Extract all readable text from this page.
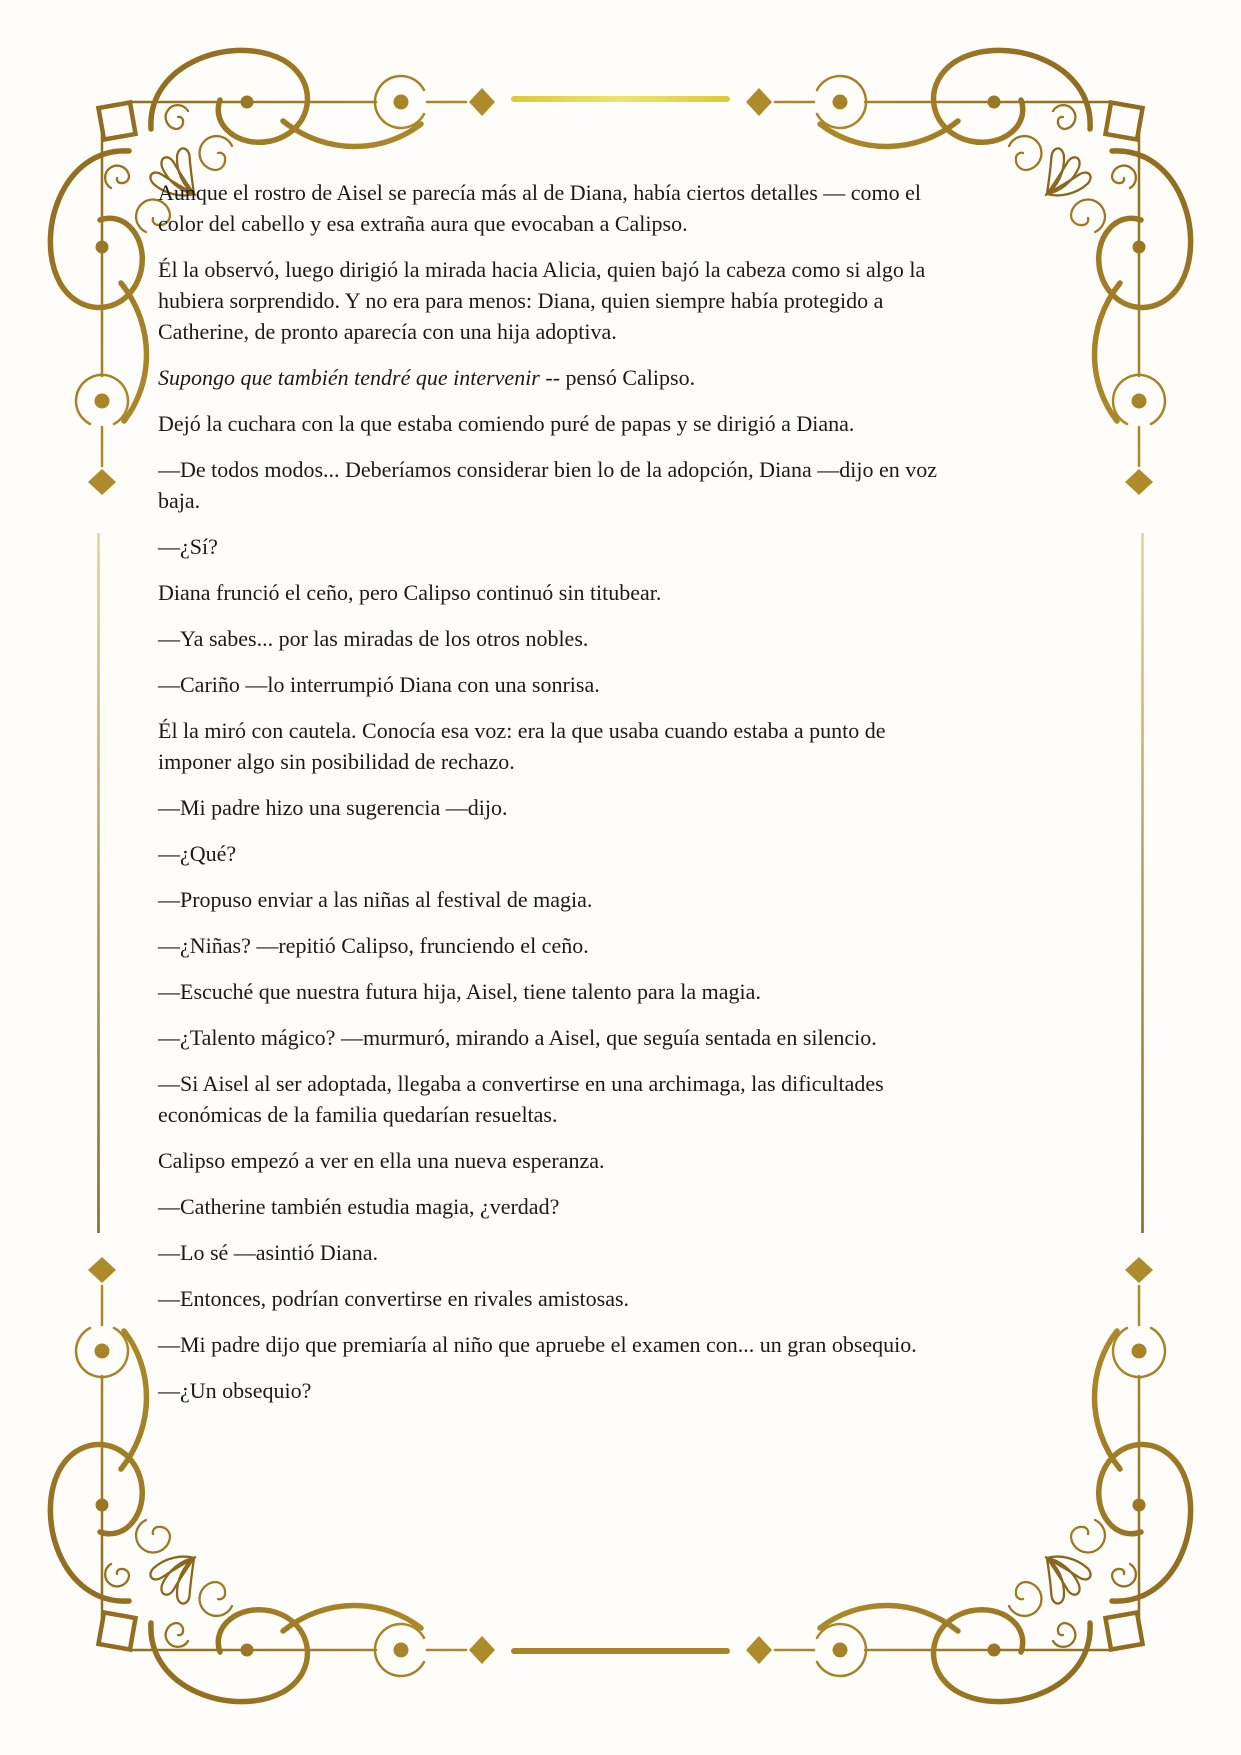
Aunque el rostro de Aisel se parecía más al de Diana, había ciertos detalles — como el color del cabello y esa extraña aura que evocaban a Calipso.

Él la observó, luego dirigió la mirada hacia Alicia, quien bajó la cabeza como si algo la hubiera sorprendido. Y no era para menos: Diana, quien siempre había protegido a Catherine, de pronto aparecía con una hija adoptiva.

Supongo que también tendré que intervenir -- pensó Calipso.

Dejó la cuchara con la que estaba comiendo puré de papas y se dirigió a Diana.

—De todos modos... Deberíamos considerar bien lo de la adopción, Diana —dijo en voz baja.

—¿Sí?

Diana frunció el ceño, pero Calipso continuó sin titubear.

—Ya sabes... por las miradas de los otros nobles.

—Cariño —lo interrumpió Diana con una sonrisa.

Él la miró con cautela. Conocía esa voz: era la que usaba cuando estaba a punto de imponer algo sin posibilidad de rechazo.

—Mi padre hizo una sugerencia —dijo.

—¿Qué?

—Propuso enviar a las niñas al festival de magia.

—¿Niñas? —repitió Calipso, frunciendo el ceño.

—Escuché que nuestra futura hija, Aisel, tiene talento para la magia.

—¿Talento mágico? —murmuró, mirando a Aisel, que seguía sentada en silencio.

—Si Aisel al ser adoptada, llegaba a convertirse en una archimaga, las dificultades económicas de la familia quedarían resueltas.

Calipso empezó a ver en ella una nueva esperanza.

—Catherine también estudia magia, ¿verdad?

—Lo sé —asintió Diana.

—Entonces, podrían convertirse en rivales amistosas.

—Mi padre dijo que premiaría al niño que apruebe el examen con... un gran obsequio.

—¿Un obsequio?
